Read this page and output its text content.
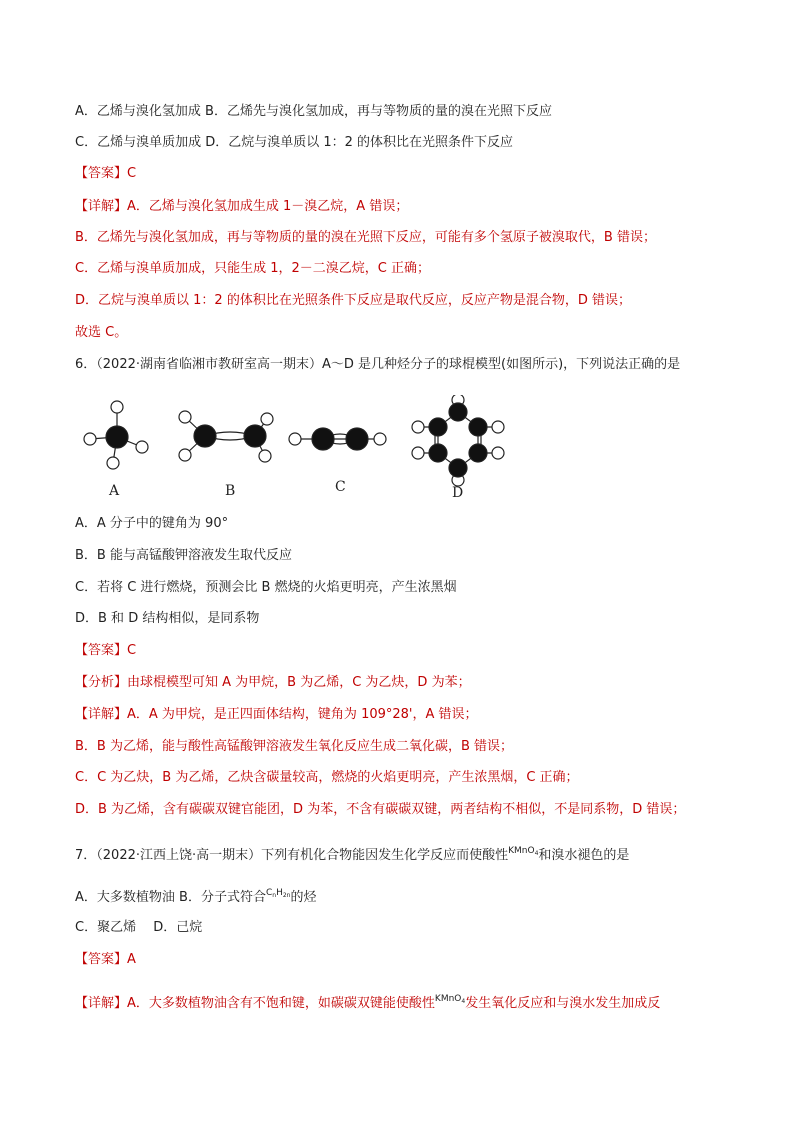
A．乙烯与溴化氢加成 B．乙烯先与溴化氢加成，再与等物质的量的溴在光照下反应
C．乙烯与溴单质加成 D．乙烷与溴单质以 1：2 的体积比在光照条件下反应
【答案】C
【详解】A．乙烯与溴化氢加成生成 1－溴乙烷，A 错误；
B．乙烯先与溴化氢加成，再与等物质的量的溴在光照下反应，可能有多个氢原子被溴取代，B 错误；
C．乙烯与溴单质加成，只能生成 1，2－二溴乙烷，C 正确；
D．乙烷与溴单质以 1：2 的体积比在光照条件下反应是取代反应，反应产物是混合物，D 错误；
故选 C。
6．（2022·湖南省临湘市教研室高一期末）A～D 是几种烃分子的球棍模型(如图所示)，下列说法正确的是
A	B	C	D
A．A 分子中的键角为 90°
B．B 能与高锰酸钾溶液发生取代反应
C．若将 C 进行燃烧，预测会比 B 燃烧的火焰更明亮，产生浓黑烟
D．B 和 D 结构相似，是同系物
【答案】C
【分析】由球棍模型可知 A 为甲烷，B 为乙烯，C 为乙炔，D 为苯；
【详解】A．A 为甲烷，是正四面体结构，键角为 109°28'，A 错误；
B．B 为乙烯，能与酸性高锰酸钾溶液发生氧化反应生成二氧化碳，B 错误；
C．C 为乙炔，B 为乙烯，乙炔含碳量较高，燃烧的火焰更明亮，产生浓黑烟，C 正确；
D．B 为乙烯，含有碳碳双键官能团，D 为苯，不含有碳碳双键，两者结构不相似，不是同系物，D 错误；
7．（2022·江西上饶·高一期末）下列有机化合物能因发生化学反应而使酸性$^{KMnO_4}$和溴水褪色的是
A．大多数植物油 B．分子式符合$^{C_nH_{2n}}$的烃
C．聚乙烯　 D．己烷
【答案】A
【详解】A．大多数植物油含有不饱和键，如碳碳双键能使酸性$^{KMnO_4}$发生氧化反应和与溴水发生加成反
